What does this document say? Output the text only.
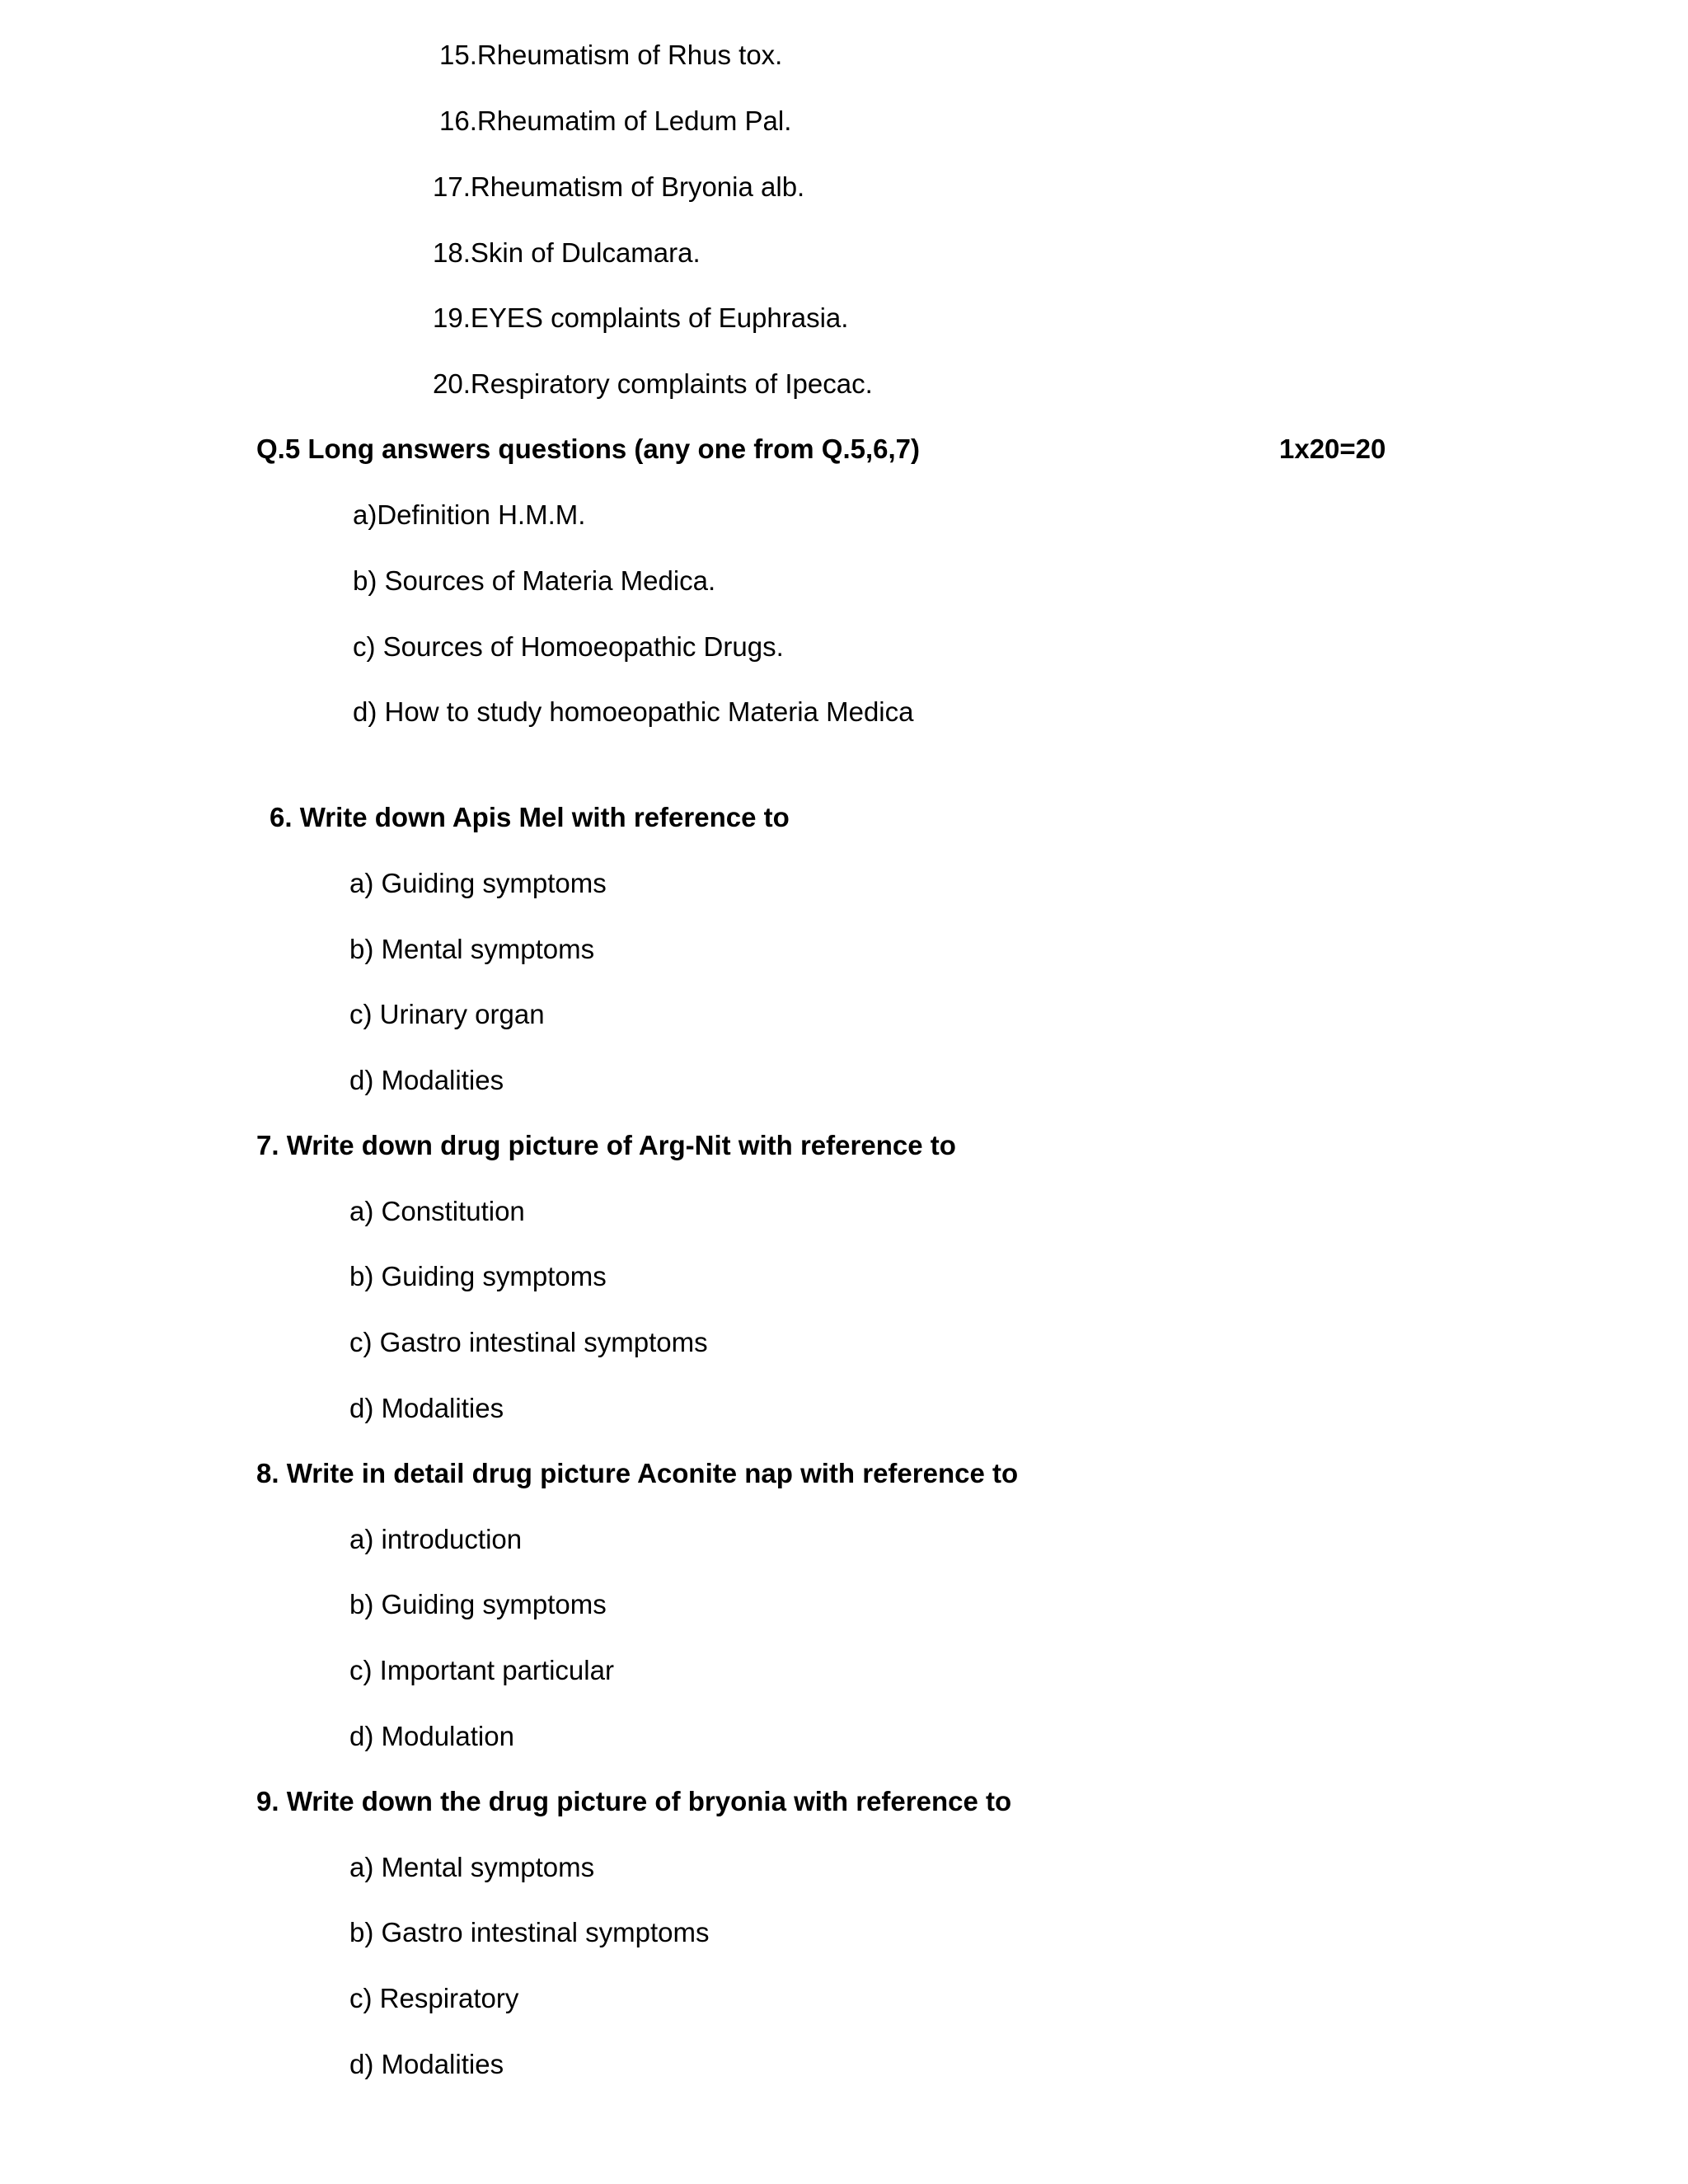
15.Rheumatism of Rhus tox.
16.Rheumatim of Ledum Pal.
17.Rheumatism of Bryonia alb.
18.Skin of Dulcamara.
19.EYES complaints of Euphrasia.
20.Respiratory complaints of Ipecac.
Q.5 Long answers questions (any one from Q.5,6,7)	1x20=20
a)Definition H.M.M.
b) Sources of Materia Medica.
c) Sources of Homoeopathic Drugs.
d) How to study homoeopathic Materia Medica
6. Write down Apis Mel with reference to
a) Guiding symptoms
b) Mental symptoms
c) Urinary organ
d) Modalities
7. Write down drug picture of Arg-Nit with reference to
a) Constitution
b) Guiding symptoms
c) Gastro intestinal symptoms
d) Modalities
8. Write in detail drug picture Aconite nap with reference to
a) introduction
b) Guiding symptoms
c) Important particular
d) Modulation
9. Write down the drug picture of bryonia with reference to
a) Mental symptoms
b) Gastro intestinal symptoms
c) Respiratory
d) Modalities
